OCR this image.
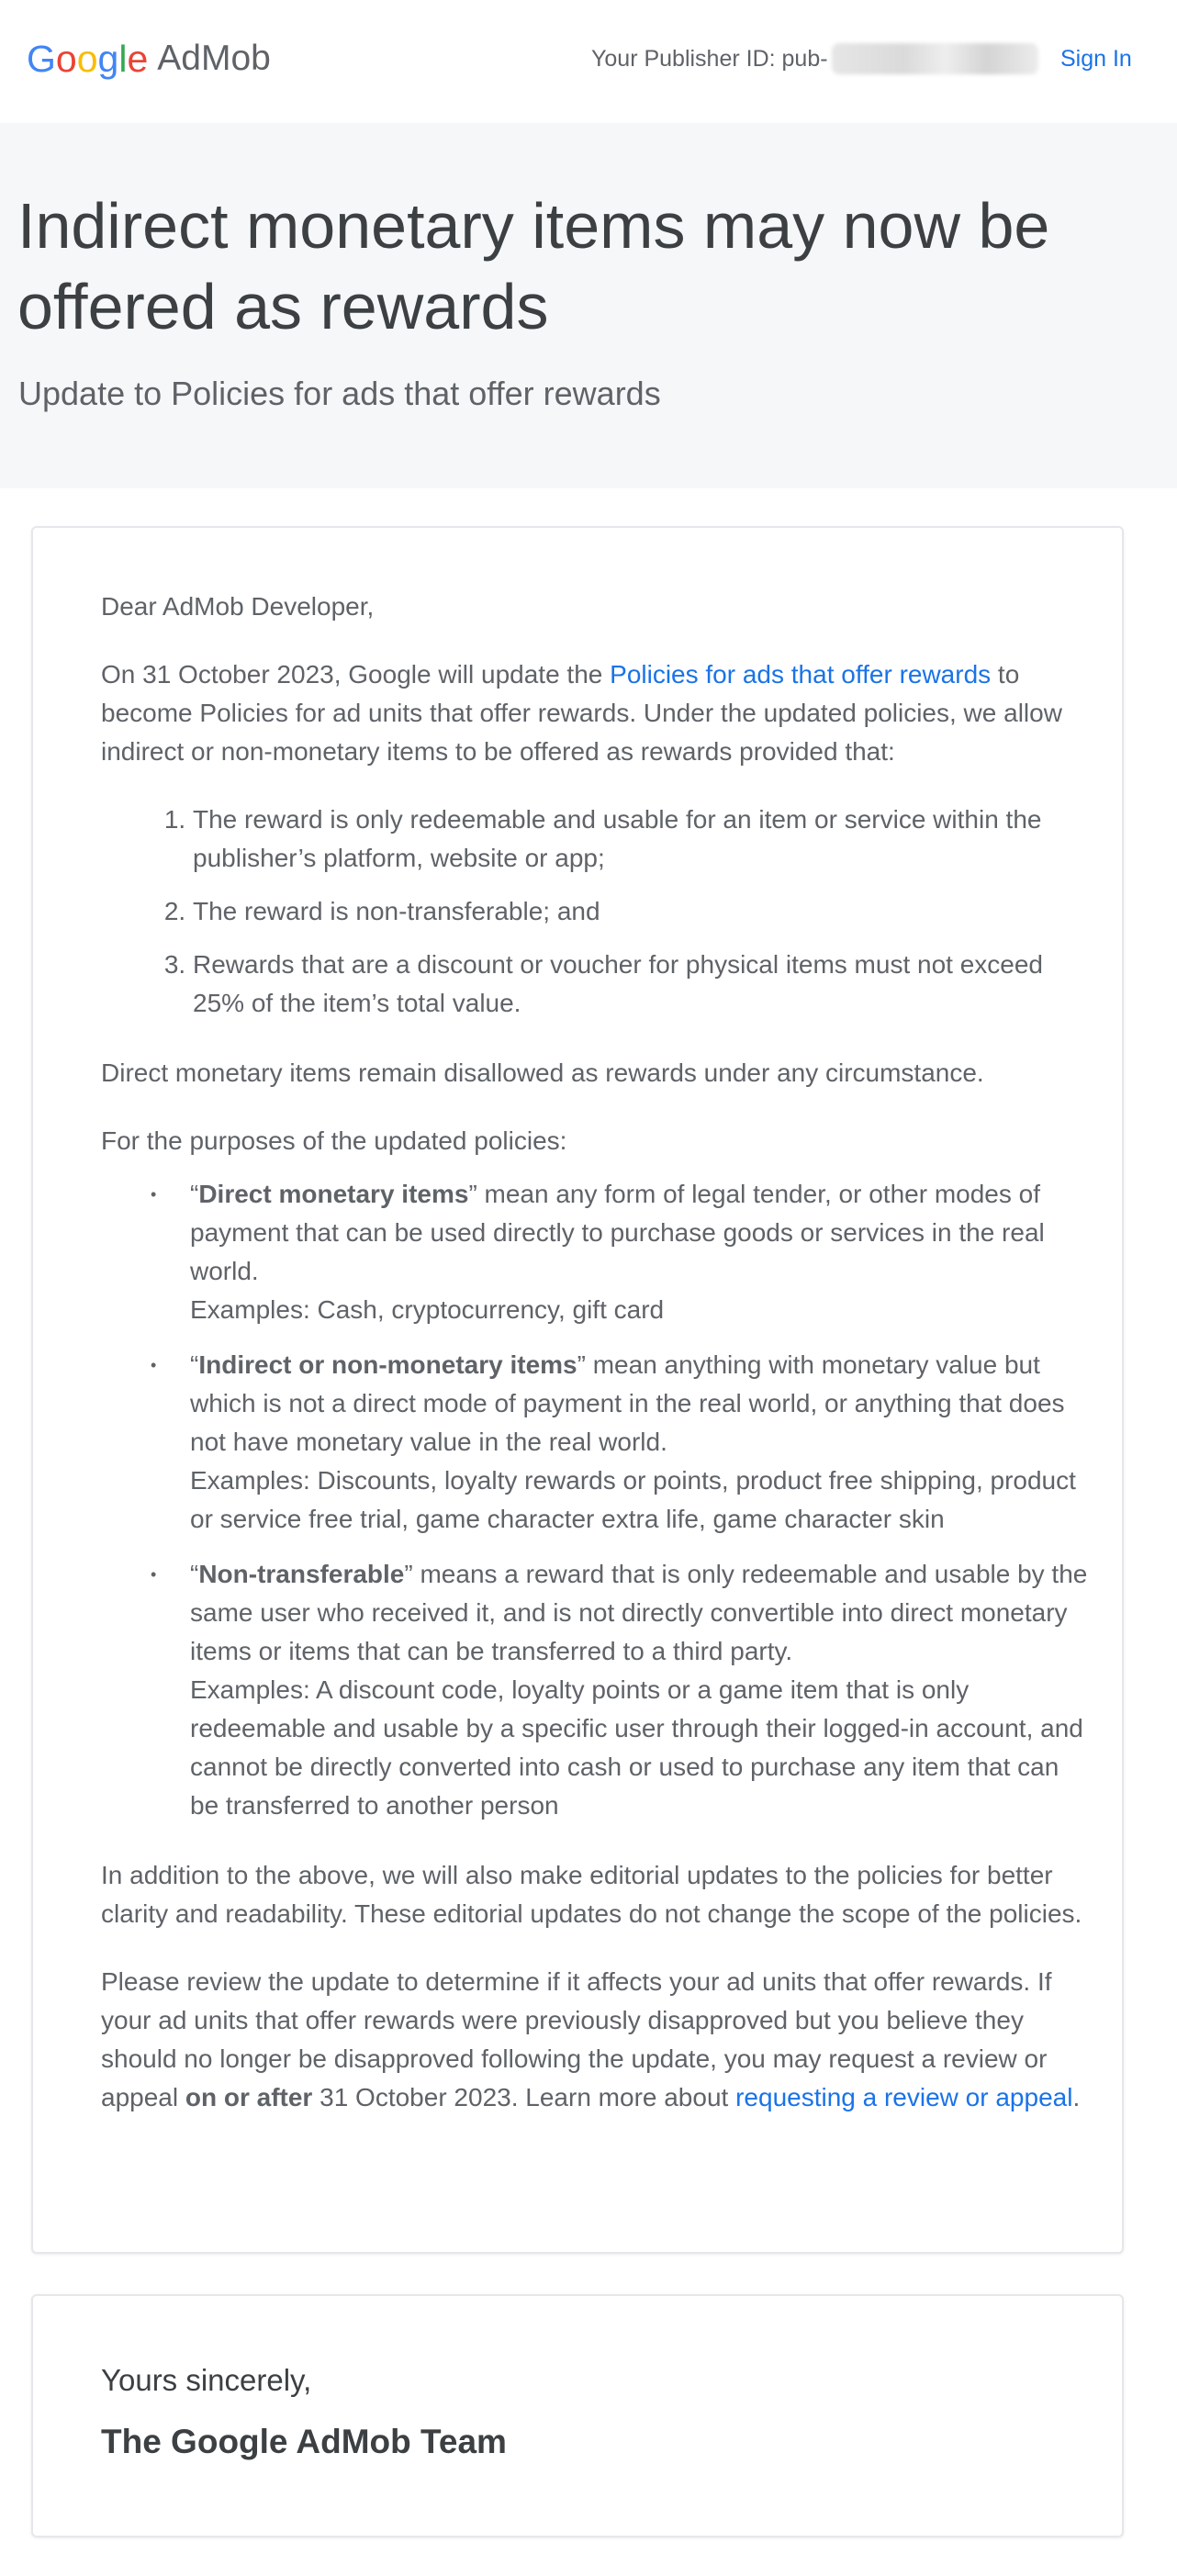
G o o g l e AdMob	Your Publisher ID: pub-	Sign In
Indirect monetary items may now be offered as rewards

Update to Policies for ads that offer rewards

Dear AdMob Developer,

On 31 October 2023, Google will update the Policies for ads that offer rewards to become Policies for ad units that offer rewards. Under the updated policies, we allow indirect or non-monetary items to be offered as rewards provided that:

1. The reward is only redeemable and usable for an item or service within the publisher’s platform, website or app;
2. The reward is non-transferable; and
3. Rewards that are a discount or voucher for physical items must not exceed 25% of the item’s total value.

Direct monetary items remain disallowed as rewards under any circumstance.

For the purposes of the updated policies:

• “Direct monetary items” mean any form of legal tender, or other modes of payment that can be used directly to purchase goods or services in the real world.
Examples: Cash, cryptocurrency, gift card
• “Indirect or non-monetary items” mean anything with monetary value but which is not a direct mode of payment in the real world, or anything that does not have monetary value in the real world.
Examples: Discounts, loyalty rewards or points, product free shipping, product or service free trial, game character extra life, game character skin
• “Non-transferable” means a reward that is only redeemable and usable by the same user who received it, and is not directly convertible into direct monetary items or items that can be transferred to a third party.
Examples: A discount code, loyalty points or a game item that is only redeemable and usable by a specific user through their logged-in account, and cannot be directly converted into cash or used to purchase any item that can be transferred to another person

In addition to the above, we will also make editorial updates to the policies for better clarity and readability. These editorial updates do not change the scope of the policies.

Please review the update to determine if it affects your ad units that offer rewards. If your ad units that offer rewards were previously disapproved but you believe they should no longer be disapproved following the update, you may request a review or appeal on or after 31 October 2023. Learn more about requesting a review or appeal.

Yours sincerely,

The Google AdMob Team
